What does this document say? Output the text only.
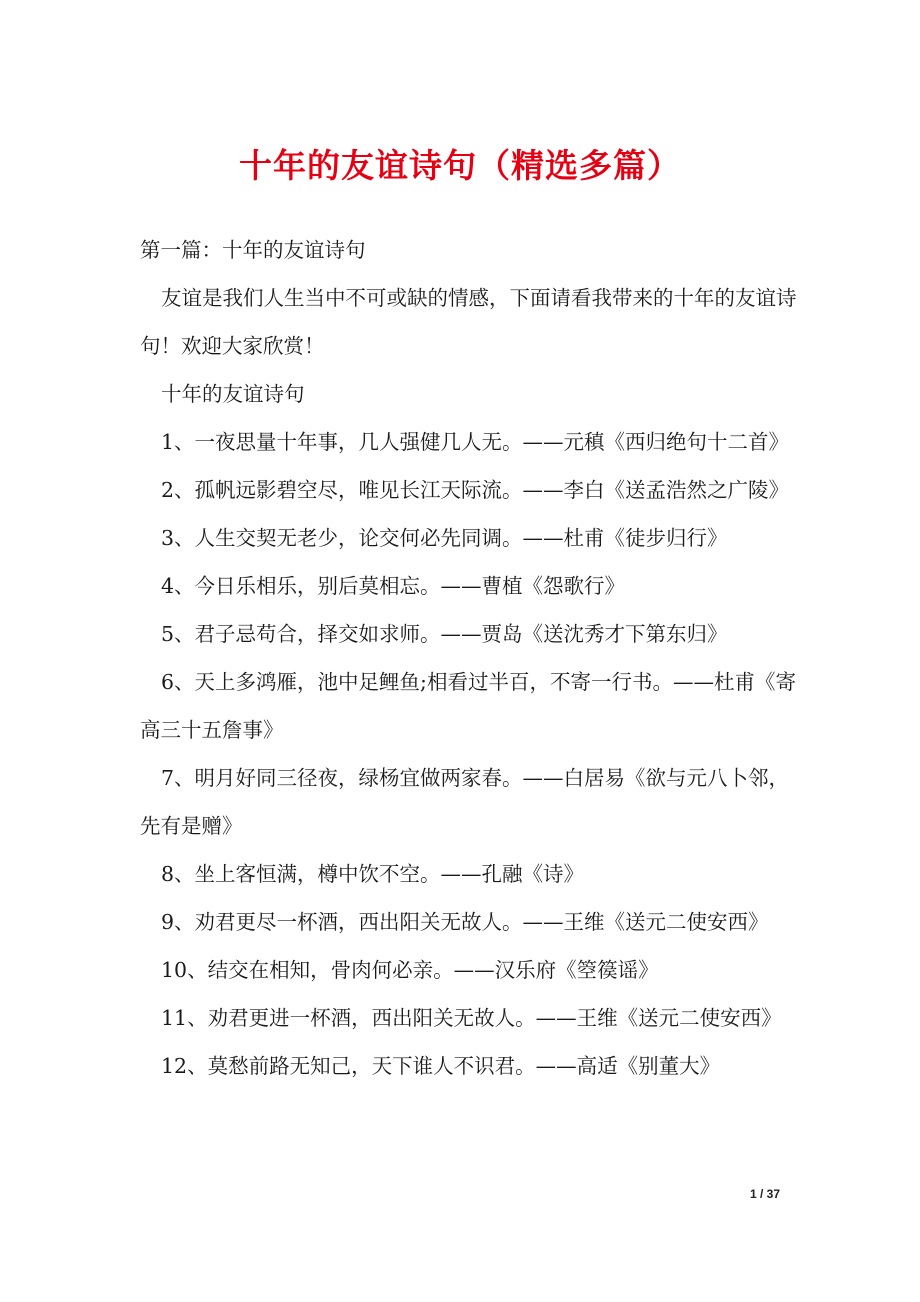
十年的友谊诗句（精选多篇）

第一篇：十年的友谊诗句

友谊是我们人生当中不可或缺的情感，下面请看我带来的十年的友谊诗句！欢迎大家欣赏！

十年的友谊诗句

1、一夜思量十年事，几人强健几人无。——元稹《西归绝句十二首》

2、孤帆远影碧空尽，唯见长江天际流。——李白《送孟浩然之广陵》

3、人生交契无老少，论交何必先同调。——杜甫《徒步归行》

4、今日乐相乐，别后莫相忘。——曹植《怨歌行》

5、君子忌苟合，择交如求师。——贾岛《送沈秀才下第东归》

6、天上多鸿雁，池中足鲤鱼;相看过半百，不寄一行书。——杜甫《寄高三十五詹事》

7、明月好同三径夜，绿杨宜做两家春。——白居易《欲与元八卜邻，先有是赠》

8、坐上客恒满，樽中饮不空。——孔融《诗》

9、劝君更尽一杯酒，西出阳关无故人。——王维《送元二使安西》

10、结交在相知，骨肉何必亲。——汉乐府《箜篌谣》

11、劝君更进一杯酒，西出阳关无故人。——王维《送元二使安西》

12、莫愁前路无知己，天下谁人不识君。——高适《别董大》

1 / 37
